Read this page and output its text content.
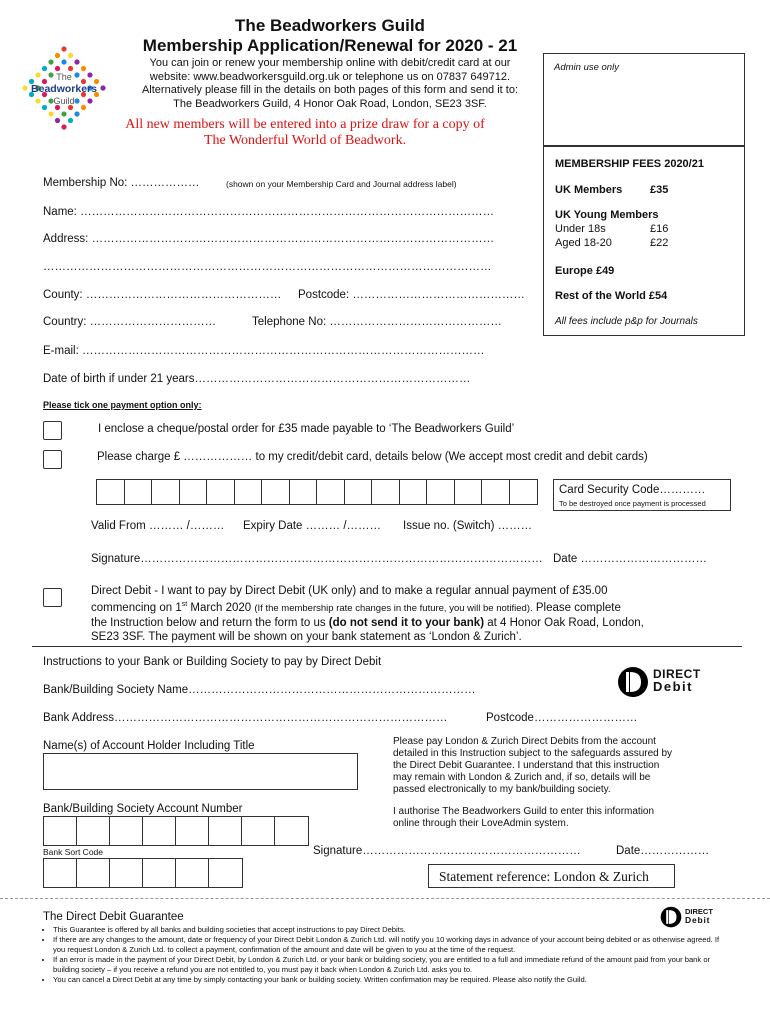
The
Beadworkers
Guild
The Beadworkers Guild
Membership Application/Renewal for 2020 - 21
You can join or renew your membership online with debit/credit card at our
website: www.beadworkersguild.org.uk or telephone us on 07837 649712.
Alternatively please fill in the details on both pages of this form and send it to:
The Beadworkers Guild, 4 Honor Oak Road, London, SE23 3SF.
All new members will be entered into a prize draw for a copy of
The Wonderful World of Beadwork.
Admin use only
MEMBERSHIP FEES 2020/21
UK Members	£35
UK Young Members
Under 18s	£16
Aged 18-20	£22
Europe £49
Rest of the World £54
All fees include p&p for Journals
Membership No: ………………	(shown on your Membership Card and Journal address label)
Name: ………………………………………………………………………………………………
Address: ……………………………………………………………………………………………
………………………………………………………………………………………………………
County: …………………………………………… Postcode: ………………………………………
Country: ……………………………	Telephone No: ………………………………………
E-mail: ……………………………………………………………………………………………
Date of birth if under 21 years………………………………………………………………
Please tick one payment option only:
I enclose a cheque/postal order for £35 made payable to ‘The Beadworkers Guild’
Please charge £ ……………… to my credit/debit card, details below (We accept most credit and debit cards)
Card Security Code…………
To be destroyed once payment is processed
Valid From ……… /……… Expiry Date ……… /……… Issue no. (Switch) ………
Signature…………………………………………………………………………………………… Date ……………………………
Direct Debit - I want to pay by Direct Debit (UK only) and to make a regular annual payment of £35.00
commencing on 1st March 2020 (If the membership rate changes in the future, you will be notified). Please complete
the Instruction below and return the form to us (do not send it to your bank) at 4 Honor Oak Road, London,
SE23 3SF. The payment will be shown on your bank statement as ‘London & Zurich’.
Instructions to your Bank or Building Society to pay by Direct Debit
DIRECT
Debit
Bank/Building Society Name…………………………………………………………………
Bank Address……………………………………………………………………………	Postcode………………………
Name(s) of Account Holder Including Title	Please pay London & Zurich Direct Debits from the account
detailed in this Instruction subject to the safeguards assured by
the Direct Debit Guarantee. I understand that this instruction
may remain with London & Zurich and, if so, details will be
passed electronically to my bank/building society.
I authorise The Beadworkers Guild to enter this information
online through their LoveAdmin system.
Bank/Building Society Account Number
Bank Sort Code	Signature…………………………………………………	Date………………
Statement reference: London & Zurich
The Direct Debit Guarantee	DIRECT
Debit
• This Guarantee is offered by all banks and building societies that accept instructions to pay Direct Debits.
• If there are any changes to the amount, date or frequency of your Direct Debit London & Zurich Ltd. will notify you 10 working days in advance of your account being debited or as otherwise agreed. If you request London & Zurich Ltd. to collect a payment, confirmation of the amount and date will be given to you at the time of the request.
• If an error is made in the payment of your Direct Debit, by London & Zurich Ltd. or your bank or building society, you are entitled to a full and immediate refund of the amount paid from your bank or building society – if you receive a refund you are not entitled to, you must pay it back when London & Zurich Ltd. asks you to.
• You can cancel a Direct Debit at any time by simply contacting your bank or building society. Written confirmation may be required. Please also notify the Guild.
